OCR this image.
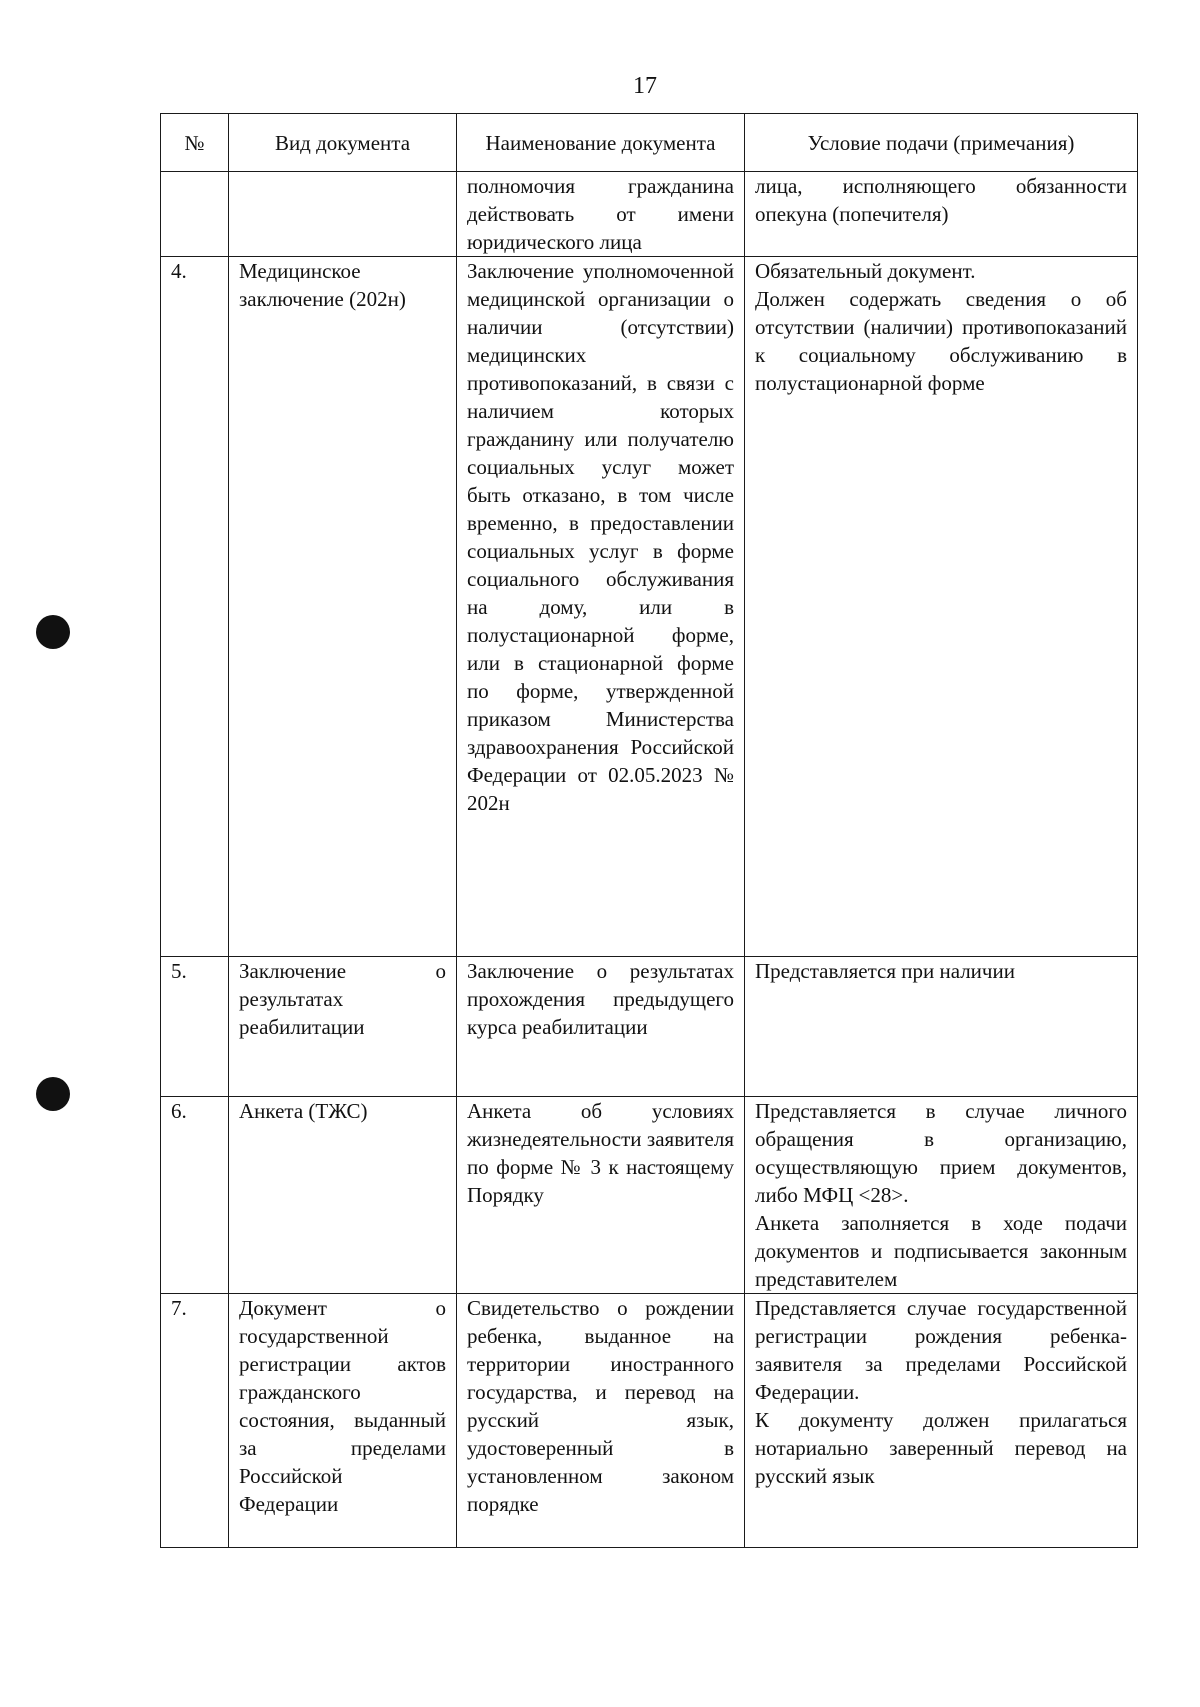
17
№	Вид документа	Наименование документа	Условие подачи (примечания)
		полномочия гражданина действовать от имени юридического лица	лица, исполняющего обязанности опекуна (попечителя)

4.	Медицинское заключение (202н)	Заключение уполномоченной медицинской организации о наличии (отсутствии) медицинских противопоказаний, в связи с наличием которых гражданину или получателю социальных услуг может быть отказано, в том числе временно, в предоставлении социальных услуг в форме социального обслуживания на дому, или в полустационарной форме, или в стационарной форме по форме, утвержденной приказом Министерства здравоохранения Российской Федерации от 02.05.2023 № 202н	Обязательный документ.
Должен содержать сведения о об отсутствии (наличии) противопоказаний к социальному обслуживанию в полустационарной форме

5.	Заключение о результатах реабилитации	Заключение о результатах прохождения предыдущего курса реабилитации	Представляется при наличии

6.	Анкета (ТЖС)	Анкета об условиях жизнедеятельности заявителя по форме № 3 к настоящему Порядку	Представляется в случае личного обращения в организацию, осуществляющую прием документов, либо МФЦ <28>.
Анкета заполняется в ходе подачи документов и подписывается законным представителем

7.	Документ о государственной регистрации актов гражданского состояния, выданный за пределами Российской Федерации	Свидетельство о рождении ребенка, выданное на территории иностранного государства, и перевод на русский язык, удостоверенный в установленном законом порядке	Представляется случае государственной регистрации рождения ребенка-заявителя за пределами Российской Федерации.
К документу должен прилагаться нотариально заверенный перевод на русский язык
